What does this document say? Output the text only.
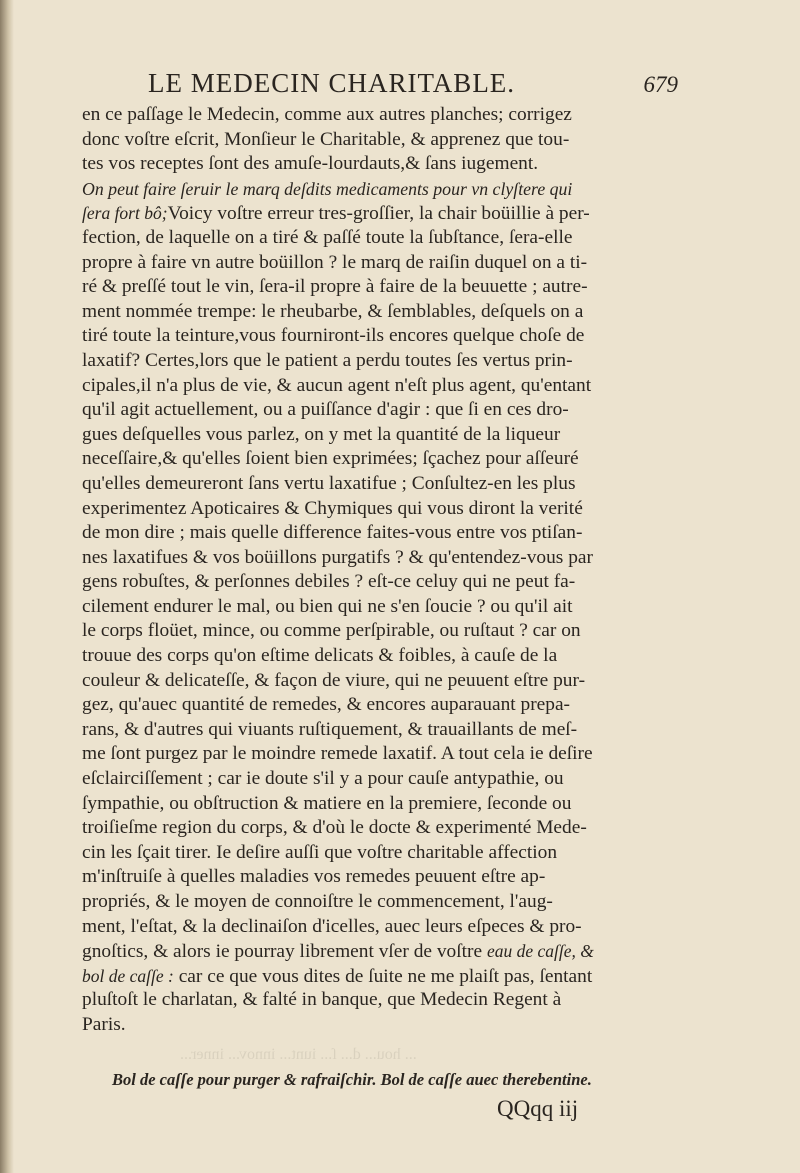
LE MEDECIN CHARITABLE.	679
en ce paſſage le Medecin, comme aux autres planches; corrigez
donc voſtre eſcrit, Monſieur le Charitable, & apprenez que tou-
tes vos receptes ſont des amuſe-lourdauts,& ſans iugement.
On peut faire ſeruir le marq deſdits medicaments pour vn clyſtere qui
ſera fort bô;Voicy voſtre erreur tres-groſſier, la chair boüillie à per-
fection, de laquelle on a tiré & paſſé toute la ſubſtance, ſera-elle
propre à faire vn autre boüillon ? le marq de raiſin duquel on a ti-
ré & preſſé tout le vin, ſera-il propre à faire de la beuuette ; autre-
ment nommée trempe: le rheubarbe, & ſemblables, deſquels on a
tiré toute la teinture,vous fourniront-ils encores quelque choſe de
laxatif? Certes,lors que le patient a perdu toutes ſes vertus prin-
cipales,il n'a plus de vie, & aucun agent n'eſt plus agent, qu'entant
qu'il agit actuellement, ou a puiſſance d'agir : que ſi en ces dro-
gues deſquelles vous parlez, on y met la quantité de la liqueur
neceſſaire,& qu'elles ſoient bien exprimées; ſçachez pour aſſeuré
qu'elles demeureront ſans vertu laxatifue ; Conſultez-en les plus
experimentez Apoticaires & Chymiques qui vous diront la verité
de mon dire ; mais quelle difference faites-vous entre vos ptiſan-
nes laxatifues & vos boüillons purgatifs ? & qu'entendez-vous par
gens robuſtes, & perſonnes debiles ? eſt-ce celuy qui ne peut fa-
cilement endurer le mal, ou bien qui ne s'en ſoucie ? ou qu'il ait
le corps floüet, mince, ou comme perſpirable, ou ruſtaut ? car on
trouue des corps qu'on eſtime delicats & foibles, à cauſe de la
couleur & delicateſſe, & façon de viure, qui ne peuuent eſtre pur-
gez, qu'auec quantité de remedes, & encores auparauant prepa-
rans, & d'autres qui viuants ruſtiquement, & trauaillants de meſ-
me ſont purgez par le moindre remede laxatif. A tout cela ie deſire
eſclairciſſement ; car ie doute s'il y a pour cauſe antypathie, ou
ſympathie, ou obſtruction & matiere en la premiere, ſeconde ou
troiſieſme region du corps, & d'où le docte & experimenté Mede-
cin les ſçait tirer. Ie deſire auſſi que voſtre charitable affection
m'inſtruiſe à quelles maladies vos remedes peuuent eſtre ap-
propriés, & le moyen de connoiſtre le commencement, l'aug-
ment, l'eſtat, & la declinaiſon d'icelles, auec leurs eſpeces & pro-
gnoſtics, & alors ie pourray librement vſer de voſtre eau de caſſe, &
bol de caſſe : car ce que vous dites de ſuite ne me plaiſt pas, ſentant
pluſtoſt le charlatan, & falté in banque, que Medecin Regent à
Paris.
... hou... d... ſ... iunt... innov... inner...
Bol de caſſe pour purger & rafraiſchir. Bol de caſſe auec therebentine.
QQqq iij
